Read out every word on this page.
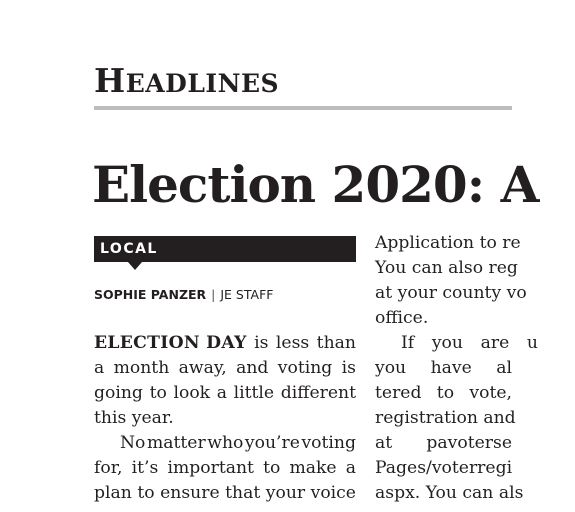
HEADLINES
Election 2020: A
LOCAL
SOPHIE PANZER | JE STAFF
ELECTION DAY is less than
a month away, and voting is
going to look a little different
this year.
No matter who you’re voting
for, it’s important to make a
plan to ensure that your voice
Application to re
You can also reg
at your county vo
office.
If you are u
you have al
tered to vote,
registration and
at pavoterse
Pages/voterregi
aspx. You can als
